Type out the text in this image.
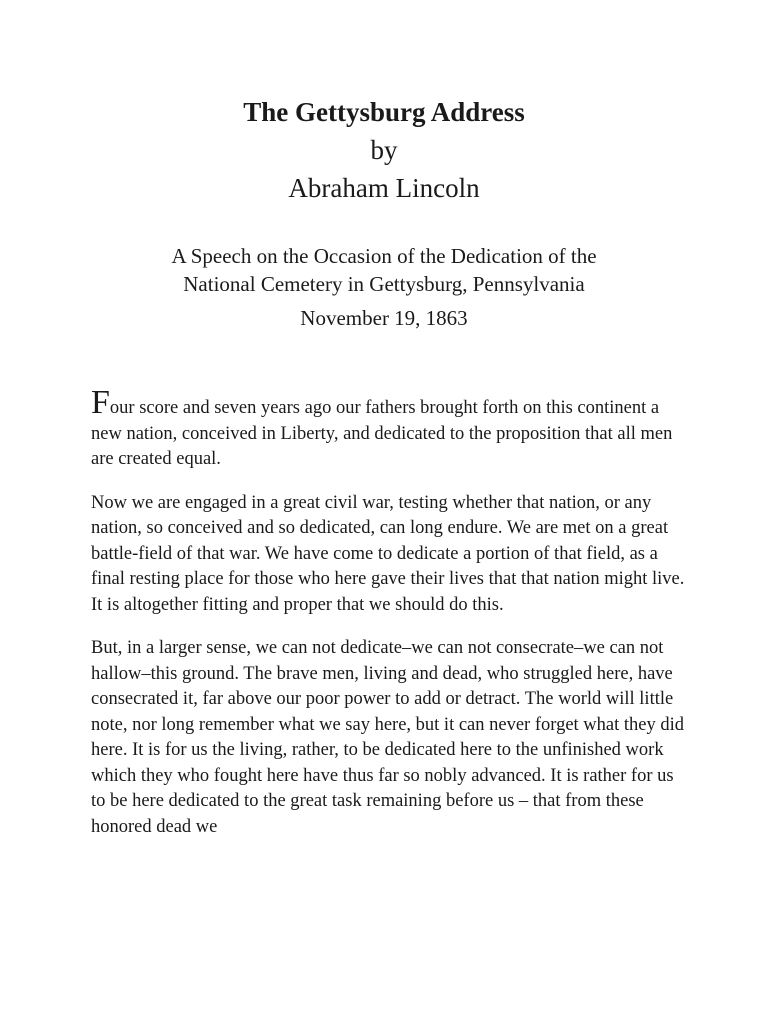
The Gettysburg Address

by

Abraham Lincoln

A Speech on the Occasion of the Dedication of the

National Cemetery in Gettysburg, Pennsylvania

November 19, 1863

Four score and seven years ago our fathers brought forth on this continent a new nation, conceived in Liberty, and dedicated to the proposition that all men are created equal.

Now we are engaged in a great civil war, testing whether that nation, or any nation, so conceived and so dedicated, can long endure. We are met on a great battle-field of that war. We have come to dedicate a portion of that field, as a final resting place for those who here gave their lives that that nation might live. It is altogether fitting and proper that we should do this.

But, in a larger sense, we can not dedicate–we can not consecrate–we can not hallow–this ground. The brave men, living and dead, who struggled here, have consecrated it, far above our poor power to add or detract. The world will little note, nor long remember what we say here, but it can never forget what they did here. It is for us the living, rather, to be dedicated here to the unfinished work which they who fought here have thus far so nobly advanced. It is rather for us to be here dedicated to the great task remaining before us – that from these honored dead we
